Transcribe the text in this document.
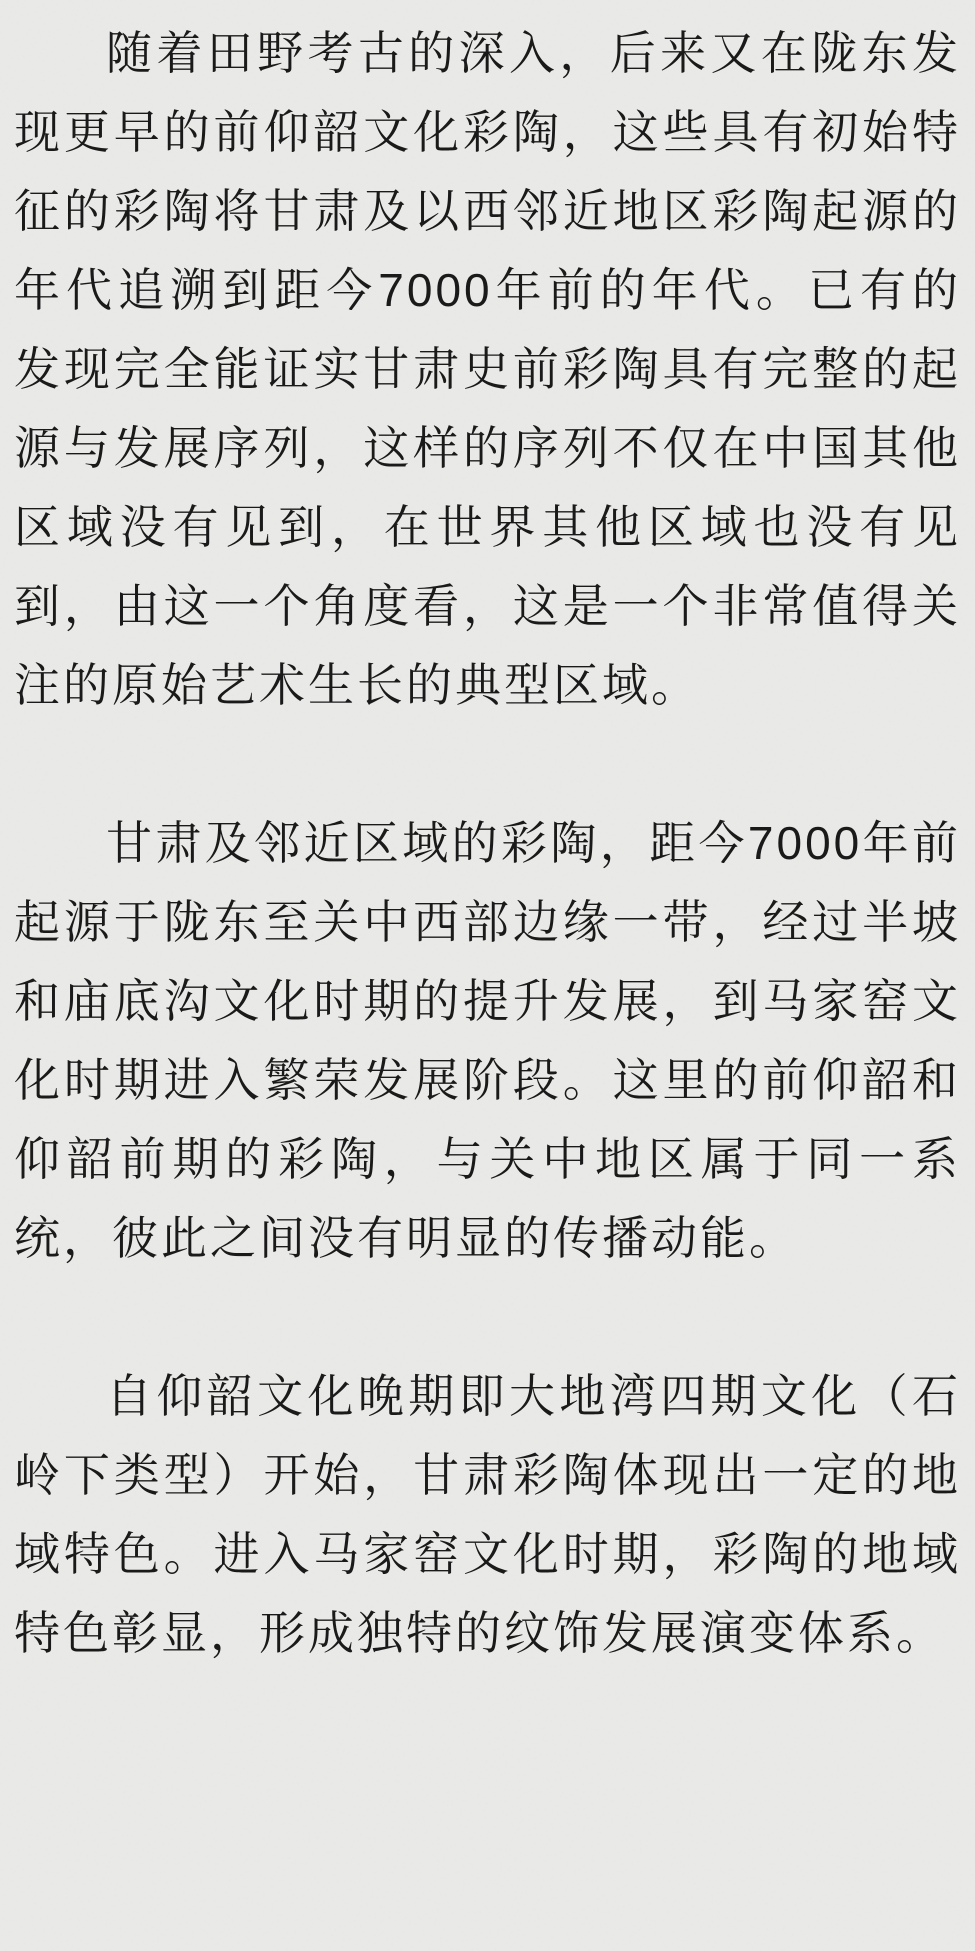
随着田野考古的深入，后来又在陇东发现更早的前仰韶文化彩陶，这些具有初始特征的彩陶将甘肃及以西邻近地区彩陶起源的年代追溯到距今7000年前的年代。已有的发现完全能证实甘肃史前彩陶具有完整的起源与发展序列，这样的序列不仅在中国其他区域没有见到，在世界其他区域也没有见到，由这一个角度看，这是一个非常值得关注的原始艺术生长的典型区域。

甘肃及邻近区域的彩陶，距今7000年前起源于陇东至关中西部边缘一带，经过半坡和庙底沟文化时期的提升发展，到马家窑文化时期进入繁荣发展阶段。这里的前仰韶和仰韶前期的彩陶，与关中地区属于同一系统，彼此之间没有明显的传播动能。

自仰韶文化晚期即大地湾四期文化（石岭下类型）开始，甘肃彩陶体现出一定的地域特色。进入马家窑文化时期，彩陶的地域特色彰显，形成独特的纹饰发展演变体系。
